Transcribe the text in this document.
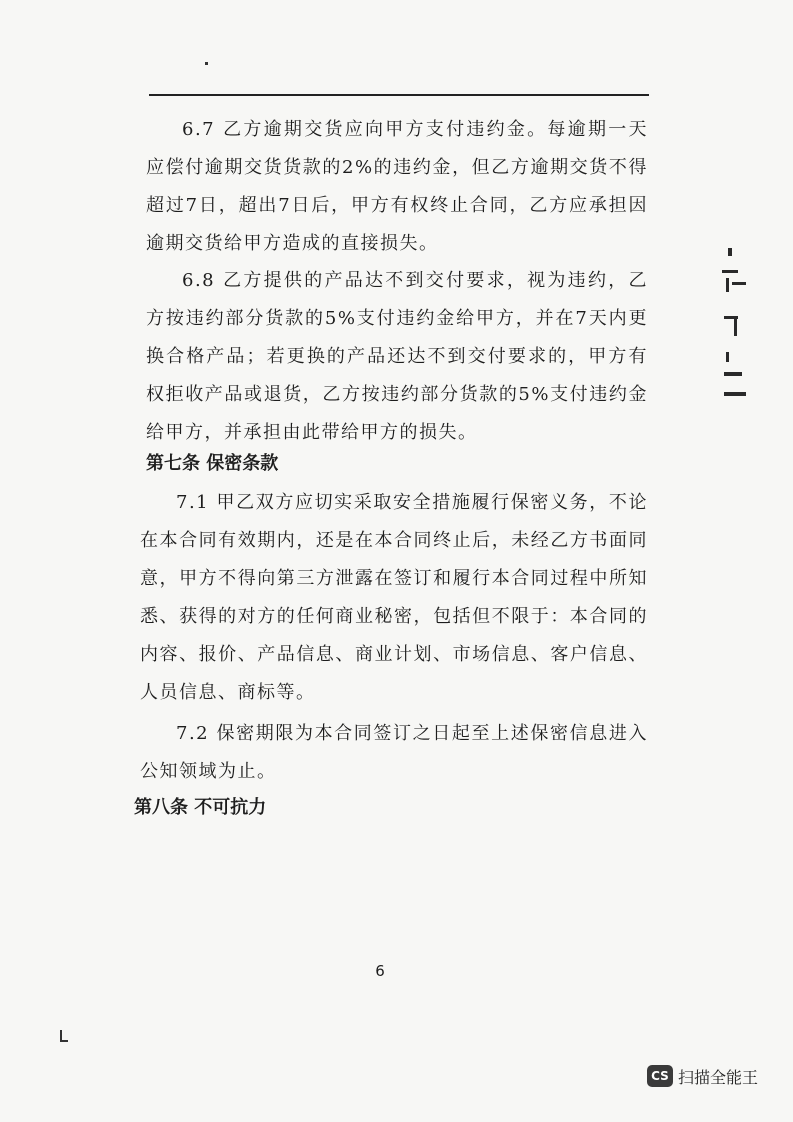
6.7 乙方逾期交货应向甲方支付违约金。每逾期一天应偿付逾期交货货款的2%的违约金，但乙方逾期交货不得超过7日，超出7日后，甲方有权终止合同，乙方应承担因逾期交货给甲方造成的直接损失。

6.8 乙方提供的产品达不到交付要求，视为违约，乙方按违约部分货款的5%支付违约金给甲方，并在7天内更换合格产品；若更换的产品还达不到交付要求的，甲方有权拒收产品或退货，乙方按违约部分货款的5%支付违约金给甲方，并承担由此带给甲方的损失。

第七条 保密条款

7.1 甲乙双方应切实采取安全措施履行保密义务，不论在本合同有效期内，还是在本合同终止后，未经乙方书面同意，甲方不得向第三方泄露在签订和履行本合同过程中所知悉、获得的对方的任何商业秘密，包括但不限于：本合同的内容、报价、产品信息、商业计划、市场信息、客户信息、人员信息、商标等。

7.2 保密期限为本合同签订之日起至上述保密信息进入公知领域为止。

第八条 不可抗力
6
CS 扫描全能王
